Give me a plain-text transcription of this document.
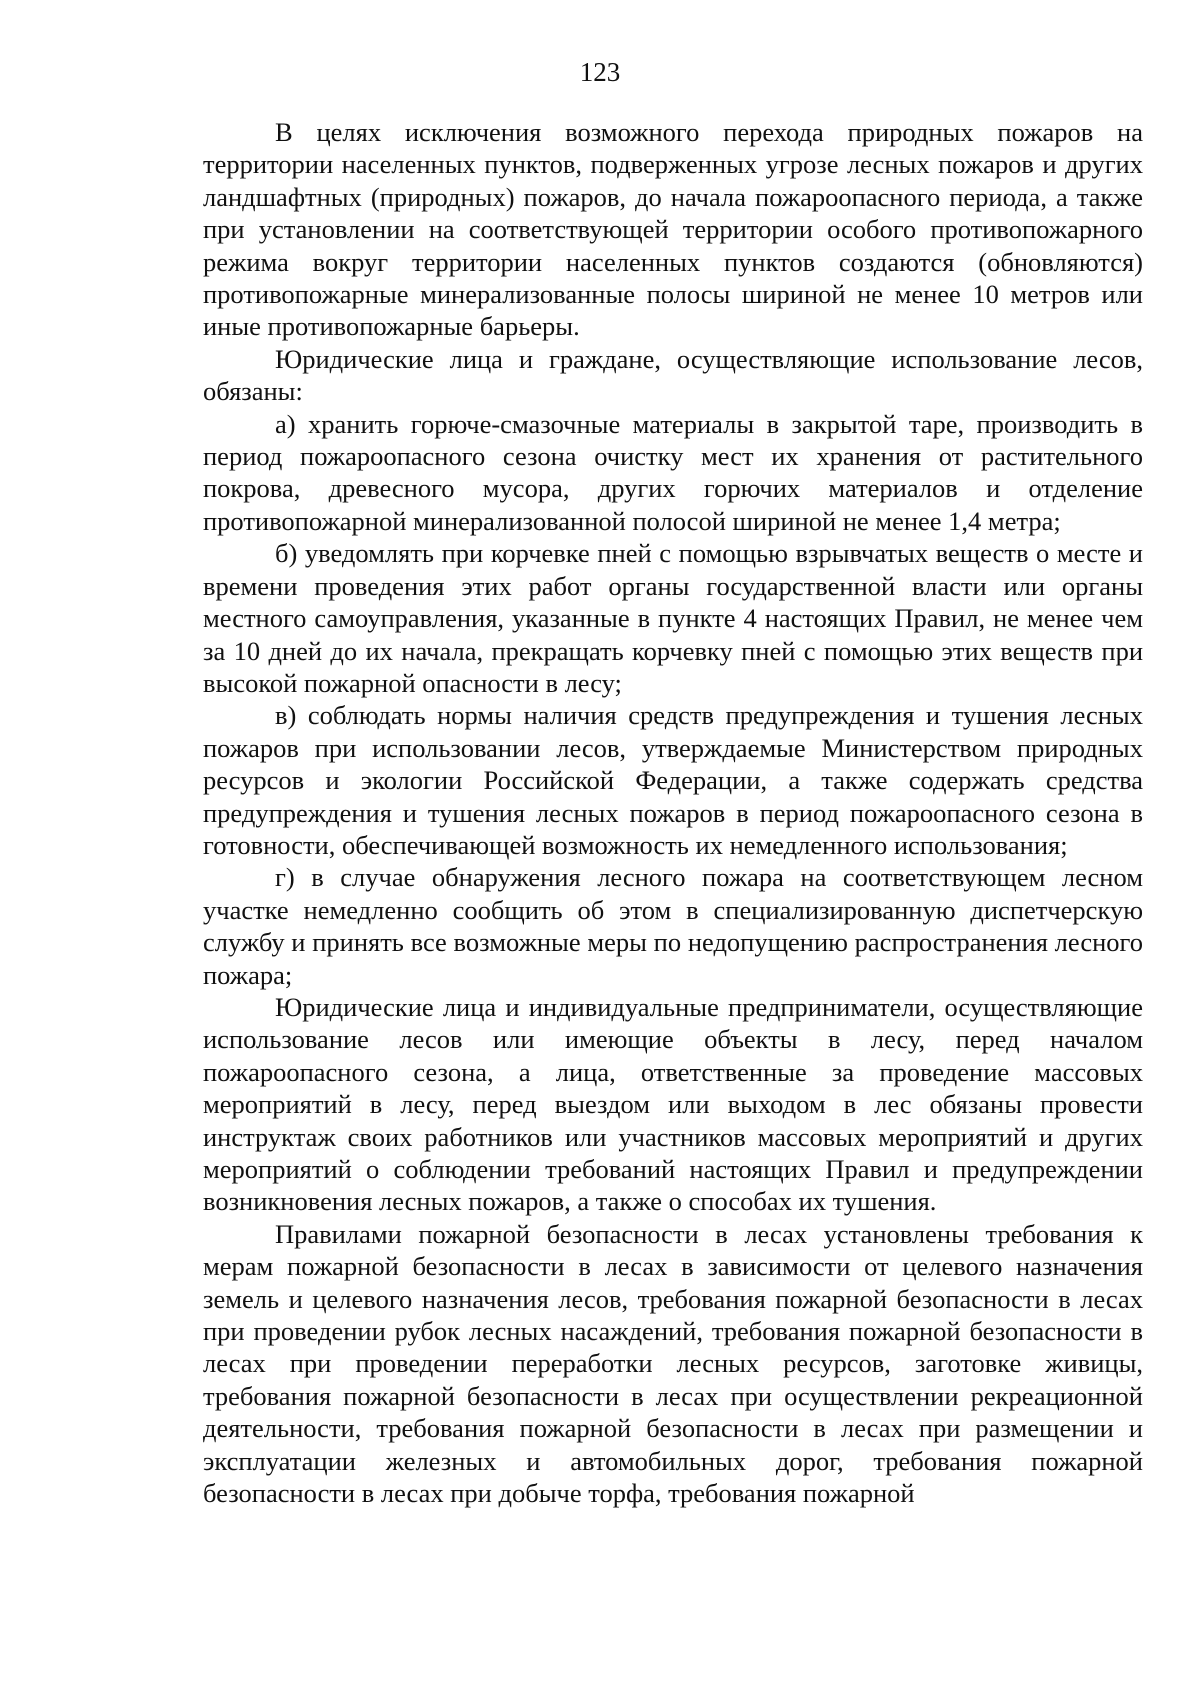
123

В целях исключения возможного перехода природных пожаров на территории населенных пунктов, подверженных угрозе лесных пожаров и других ландшафтных (природных) пожаров, до начала пожароопасного периода, а также при установлении на соответствующей территории особого противопожарного режима вокруг территории населенных пунктов создаются (обновляются) противопожарные минерализованные полосы шириной не менее 10 метров или иные противопожарные барьеры.

Юридические лица и граждане, осуществляющие использование лесов, обязаны:

а) хранить горюче-смазочные материалы в закрытой таре, производить в период пожароопасного сезона очистку мест их хранения от растительного покрова, древесного мусора, других горючих материалов и отделение противопожарной минерализованной полосой шириной не менее 1,4 метра;

б) уведомлять при корчевке пней с помощью взрывчатых веществ о месте и времени проведения этих работ органы государственной власти или органы местного самоуправления, указанные в пункте 4 настоящих Правил, не менее чем за 10 дней до их начала, прекращать корчевку пней с помощью этих веществ при высокой пожарной опасности в лесу;

в) соблюдать нормы наличия средств предупреждения и тушения лесных пожаров при использовании лесов, утверждаемые Министерством природных ресурсов и экологии Российской Федерации, а также содержать средства предупреждения и тушения лесных пожаров в период пожароопасного сезона в готовности, обеспечивающей возможность их немедленного использования;

г) в случае обнаружения лесного пожара на соответствующем лесном участке немедленно сообщить об этом в специализированную диспетчерскую службу и принять все возможные меры по недопущению распространения лесного пожара;

Юридические лица и индивидуальные предприниматели, осуществляющие использование лесов или имеющие объекты в лесу, перед началом пожароопасного сезона, а лица, ответственные за проведение массовых мероприятий в лесу, перед выездом или выходом в лес обязаны провести инструктаж своих работников или участников массовых мероприятий и других мероприятий о соблюдении требований настоящих Правил и предупреждении возникновения лесных пожаров, а также о способах их тушения.

Правилами пожарной безопасности в лесах установлены требования к мерам пожарной безопасности в лесах в зависимости от целевого назначения земель и целевого назначения лесов, требования пожарной безопасности в лесах при проведении рубок лесных насаждений, требования пожарной безопасности в лесах при проведении переработки лесных ресурсов, заготовке живицы, требования пожарной безопасности в лесах при осуществлении рекреационной деятельности, требования пожарной безопасности в лесах при размещении и эксплуатации железных и автомобильных дорог, требования пожарной безопасности в лесах при добыче торфа, требования пожарной
